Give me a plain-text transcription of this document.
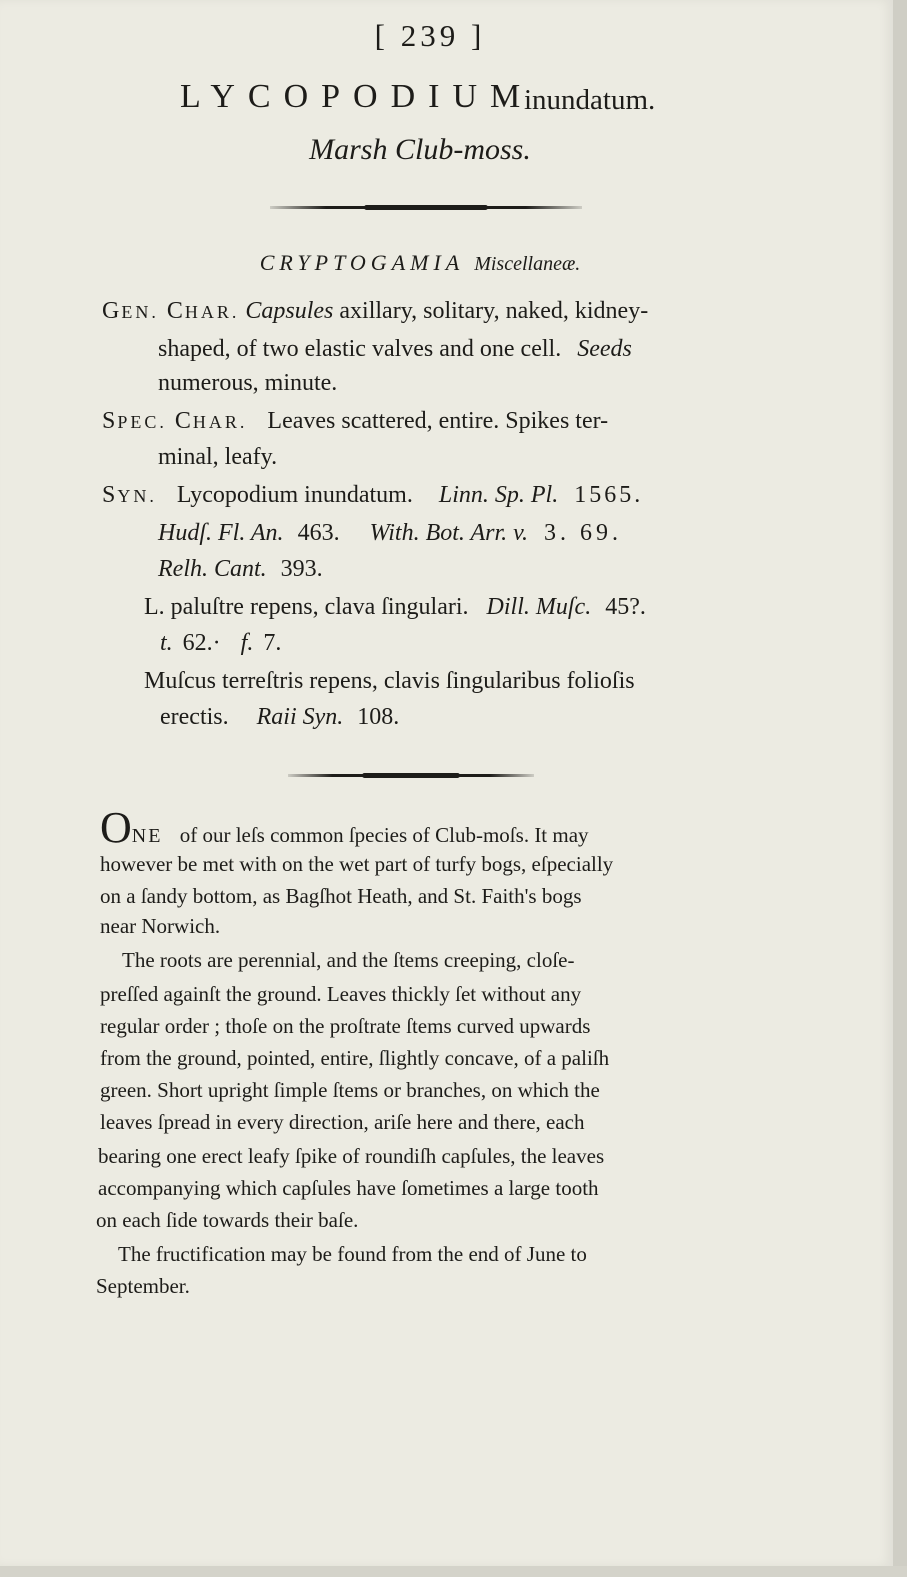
[ 239 ]
LYCOPODIUM
inundatum.
Marsh Club-moss.
CRYPTOGAMIA Miscellaneæ.
GEN. CHAR. Capsules axillary, solitary, naked, kidney-
shaped, of two elastic valves and one cell. Seeds
numerous, minute.
SPEC. CHAR. Leaves scattered, entire. Spikes ter-
minal, leafy.
SYN. Lycopodium inundatum. Linn. Sp. Pl. 1565.
Hudſ. Fl. An. 463. With. Bot. Arr. v. 3. 69.
Relh. Cant. 393.
L. paluſtre repens, clava ſingulari. Dill. Muſc. 45?.
t. 62.· f. 7.
Muſcus terreſtris repens, clavis ſingularibus folioſis
erectis. Raii Syn. 108.
ONE of our leſs common ſpecies of Club-moſs. It may
however be met with on the wet part of turfy bogs, eſpecially
on a ſandy bottom, as Bagſhot Heath, and St. Faith's bogs
near Norwich.
The roots are perennial, and the ſtems creeping, cloſe-
preſſed againſt the ground. Leaves thickly ſet without any
regular order ; thoſe on the proſtrate ſtems curved upwards
from the ground, pointed, entire, ſlightly concave, of a paliſh
green. Short upright ſimple ſtems or branches, on which the
leaves ſpread in every direction, ariſe here and there, each
bearing one erect leafy ſpike of roundiſh capſules, the leaves
accompanying which capſules have ſometimes a large tooth
on each ſide towards their baſe.
The fructification may be found from the end of June to
September.
